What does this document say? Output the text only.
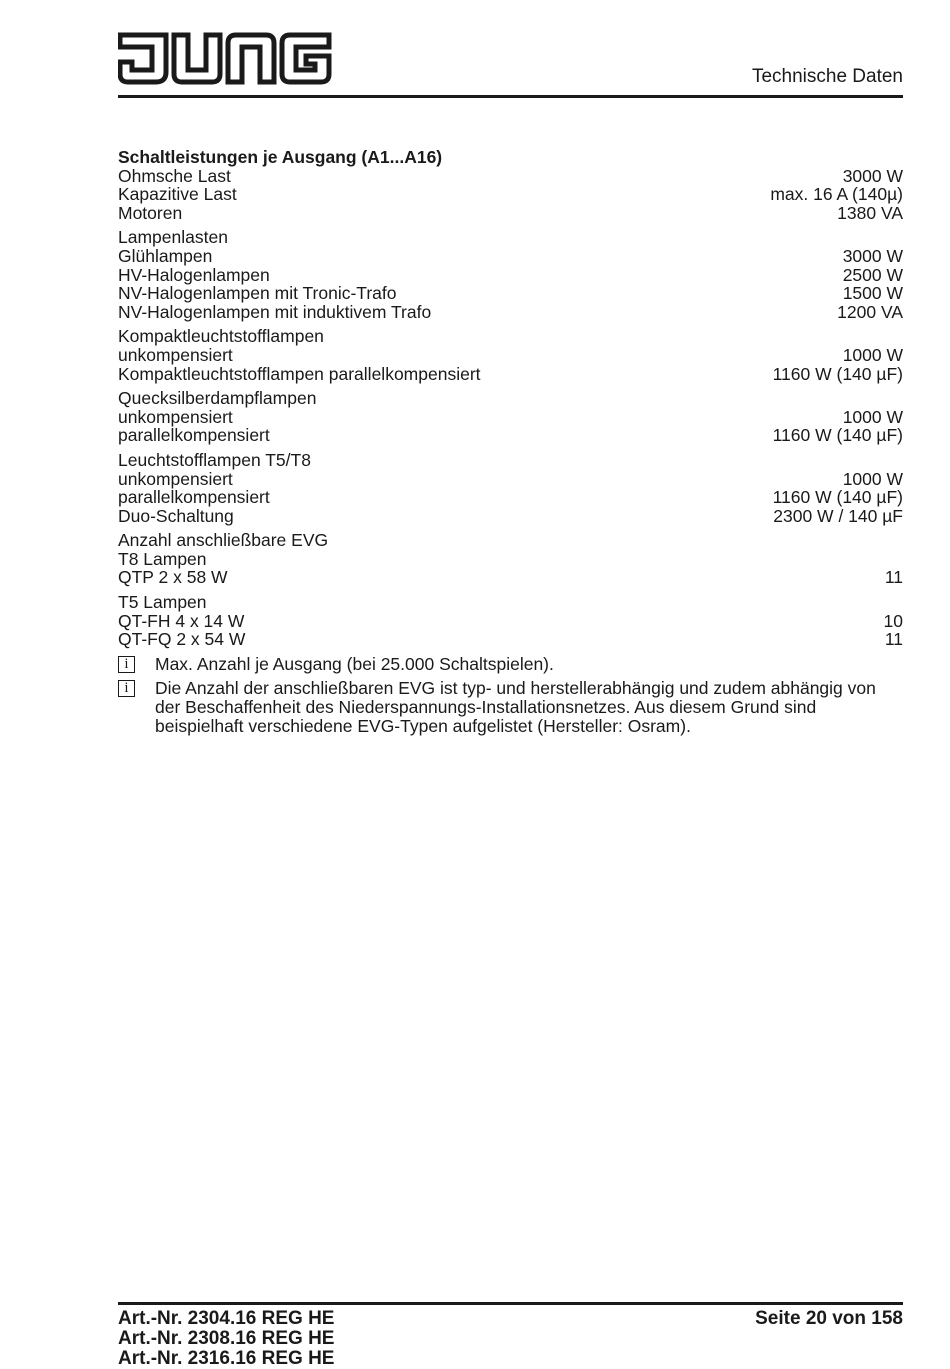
Technische Daten
Schaltleistungen je Ausgang (A1...A16)
Ohmsche Last	3000 W
Kapazitive Last	max. 16 A (140µ)
Motoren	1380 VA
Lampenlasten
Glühlampen	3000 W
HV-Halogenlampen	2500 W
NV-Halogenlampen mit Tronic-Trafo	1500 W
NV-Halogenlampen mit induktivem Trafo	1200 VA
Kompaktleuchtstofflampen
unkompensiert	1000 W
Kompaktleuchtstofflampen parallelkompensiert	1160 W (140 µF)
Quecksilberdampflampen
unkompensiert	1000 W
parallelkompensiert	1160 W (140 µF)
Leuchtstofflampen T5/T8
unkompensiert	1000 W
parallelkompensiert	1160 W (140 µF)
Duo-Schaltung	2300 W / 140 µF
Anzahl anschließbare EVG
T8 Lampen
QTP 2 x 58 W	11
T5 Lampen
QT-FH 4 x 14 W	10
QT-FQ 2 x 54 W	11
i	Max. Anzahl je Ausgang (bei 25.000 Schaltspielen).
i	Die Anzahl der anschließbaren EVG ist typ- und herstellerabhängig und zudem abhängig von der Beschaffenheit des Niederspannungs-Installationsnetzes. Aus diesem Grund sind beispielhaft verschiedene EVG-Typen aufgelistet (Hersteller: Osram).
Art.-Nr. 2304.16 REG HE
Art.-Nr. 2308.16 REG HE
Art.-Nr. 2316.16 REG HE
Seite 20 von 158
